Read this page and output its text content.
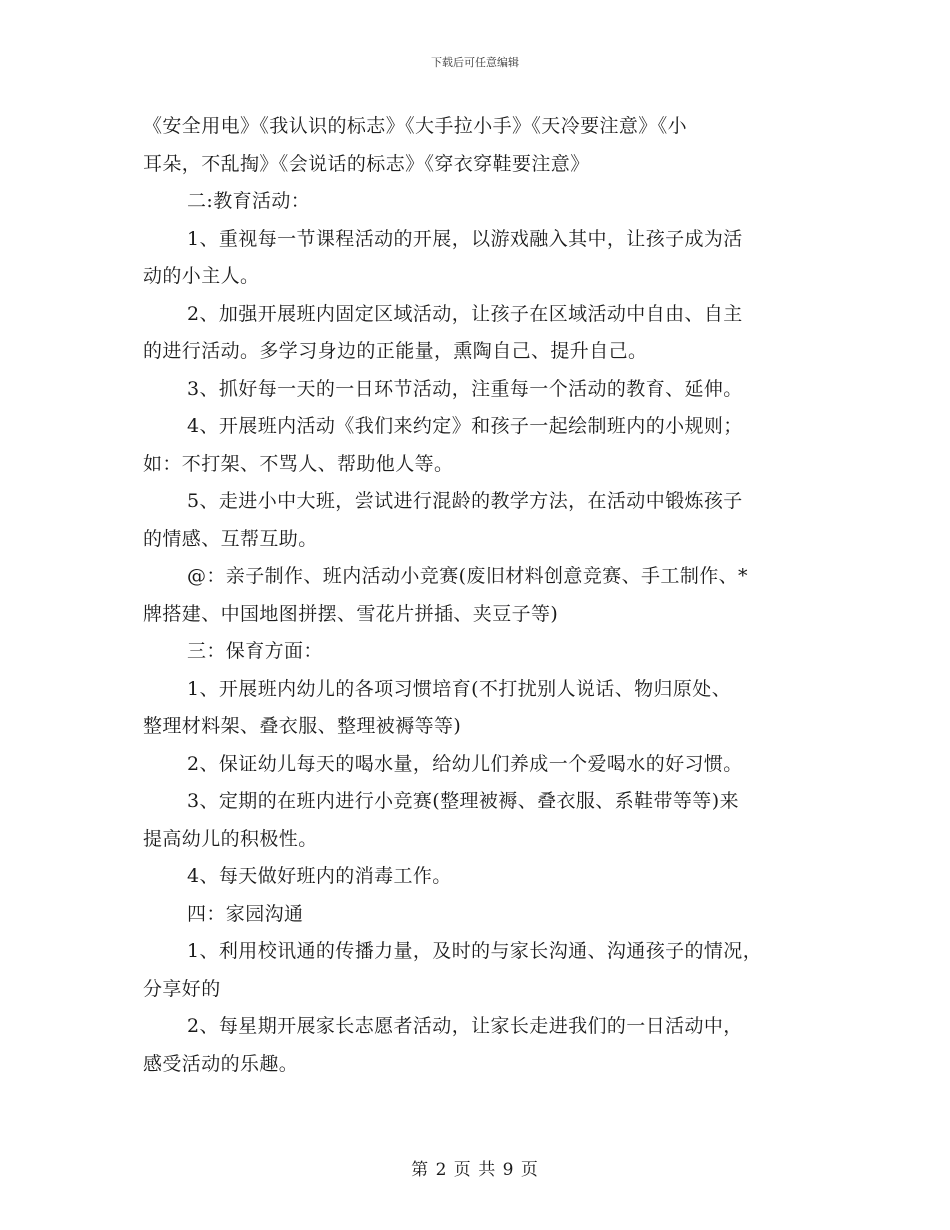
下载后可任意编辑
《安全用电》《我认识的标志》《大手拉小手》《天冷要注意》《小
耳朵，不乱掏》《会说话的标志》《穿衣穿鞋要注意》
二:教育活动：
1、重视每一节课程活动的开展，以游戏融入其中，让孩子成为活
动的小主人。
2、加强开展班内固定区域活动，让孩子在区域活动中自由、自主
的进行活动。多学习身边的正能量，熏陶自己、提升自己。
3、抓好每一天的一日环节活动，注重每一个活动的教育、延伸。
4、开展班内活动《我们来约定》和孩子一起绘制班内的小规则；
如：不打架、不骂人、帮助他人等。
5、走进小中大班，尝试进行混龄的教学方法，在活动中锻炼孩子
的情感、互帮互助。
@：亲子制作、班内活动小竞赛(废旧材料创意竞赛、手工制作、*
牌搭建、中国地图拼摆、雪花片拼插、夹豆子等)
三：保育方面：
1、开展班内幼儿的各项习惯培育(不打扰别人说话、物归原处、
整理材料架、叠衣服、整理被褥等等)
2、保证幼儿每天的喝水量，给幼儿们养成一个爱喝水的好习惯。
3、定期的在班内进行小竞赛(整理被褥、叠衣服、系鞋带等等)来
提高幼儿的积极性。
4、每天做好班内的消毒工作。
四：家园沟通
1、利用校讯通的传播力量，及时的与家长沟通、沟通孩子的情况，
分享好的
2、每星期开展家长志愿者活动，让家长走进我们的一日活动中，
感受活动的乐趣。
第 2 页 共 9 页
